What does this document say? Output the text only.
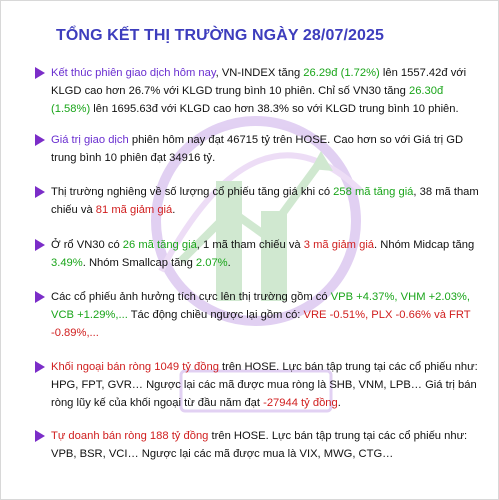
TỔNG KẾT THỊ TRƯỜNG NGÀY 28/07/2025
Kết thúc phiên giao dịch hôm nay, VN-INDEX tăng 26.29đ (1.72%) lên 1557.42đ với KLGD cao hơn 26.7% với KLGD trung bình 10 phiên. Chỉ số VN30 tăng 26.30đ (1.58%) lên 1695.63đ với KLGD cao hơn 38.3% so với KLGD trung bình 10 phiên.
Giá trị giao dịch phiên hôm nay đạt 46715 tỷ trên HOSE. Cao hơn so với Giá trị GD trung bình 10 phiên đạt 34916 tỷ.
Thị trường nghiêng về số lượng cổ phiếu tăng giá khi có 258 mã tăng giá, 38 mã tham chiếu và 81 mã giảm giá.
Ở rổ VN30 có 26 mã tăng giá, 1 mã tham chiếu và 3 mã giảm giá. Nhóm Midcap tăng 3.49%. Nhóm Smallcap tăng 2.07%.
Các cổ phiếu ảnh hưởng tích cực lên thị trường gồm có VPB +4.37%, VHM +2.03%, VCB +1.29%,... Tác động chiều ngược lại gồm có: VRE -0.51%, PLX -0.66% và FRT -0.89%,...
Khối ngoại bán ròng 1049 tỷ đồng trên HOSE. Lực bán tập trung tại các cổ phiếu như: HPG, FPT, GVR… Ngược lại các mã được mua ròng là SHB, VNM, LPB… Giá trị bán ròng lũy kế của khối ngoại từ đầu năm đạt -27944 tỷ đồng.
Tự doanh bán ròng 188 tỷ đồng trên HOSE. Lực bán tập trung tại các cổ phiếu như: VPB, BSR, VCI… Ngược lại các mã được mua là VIX, MWG, CTG…
